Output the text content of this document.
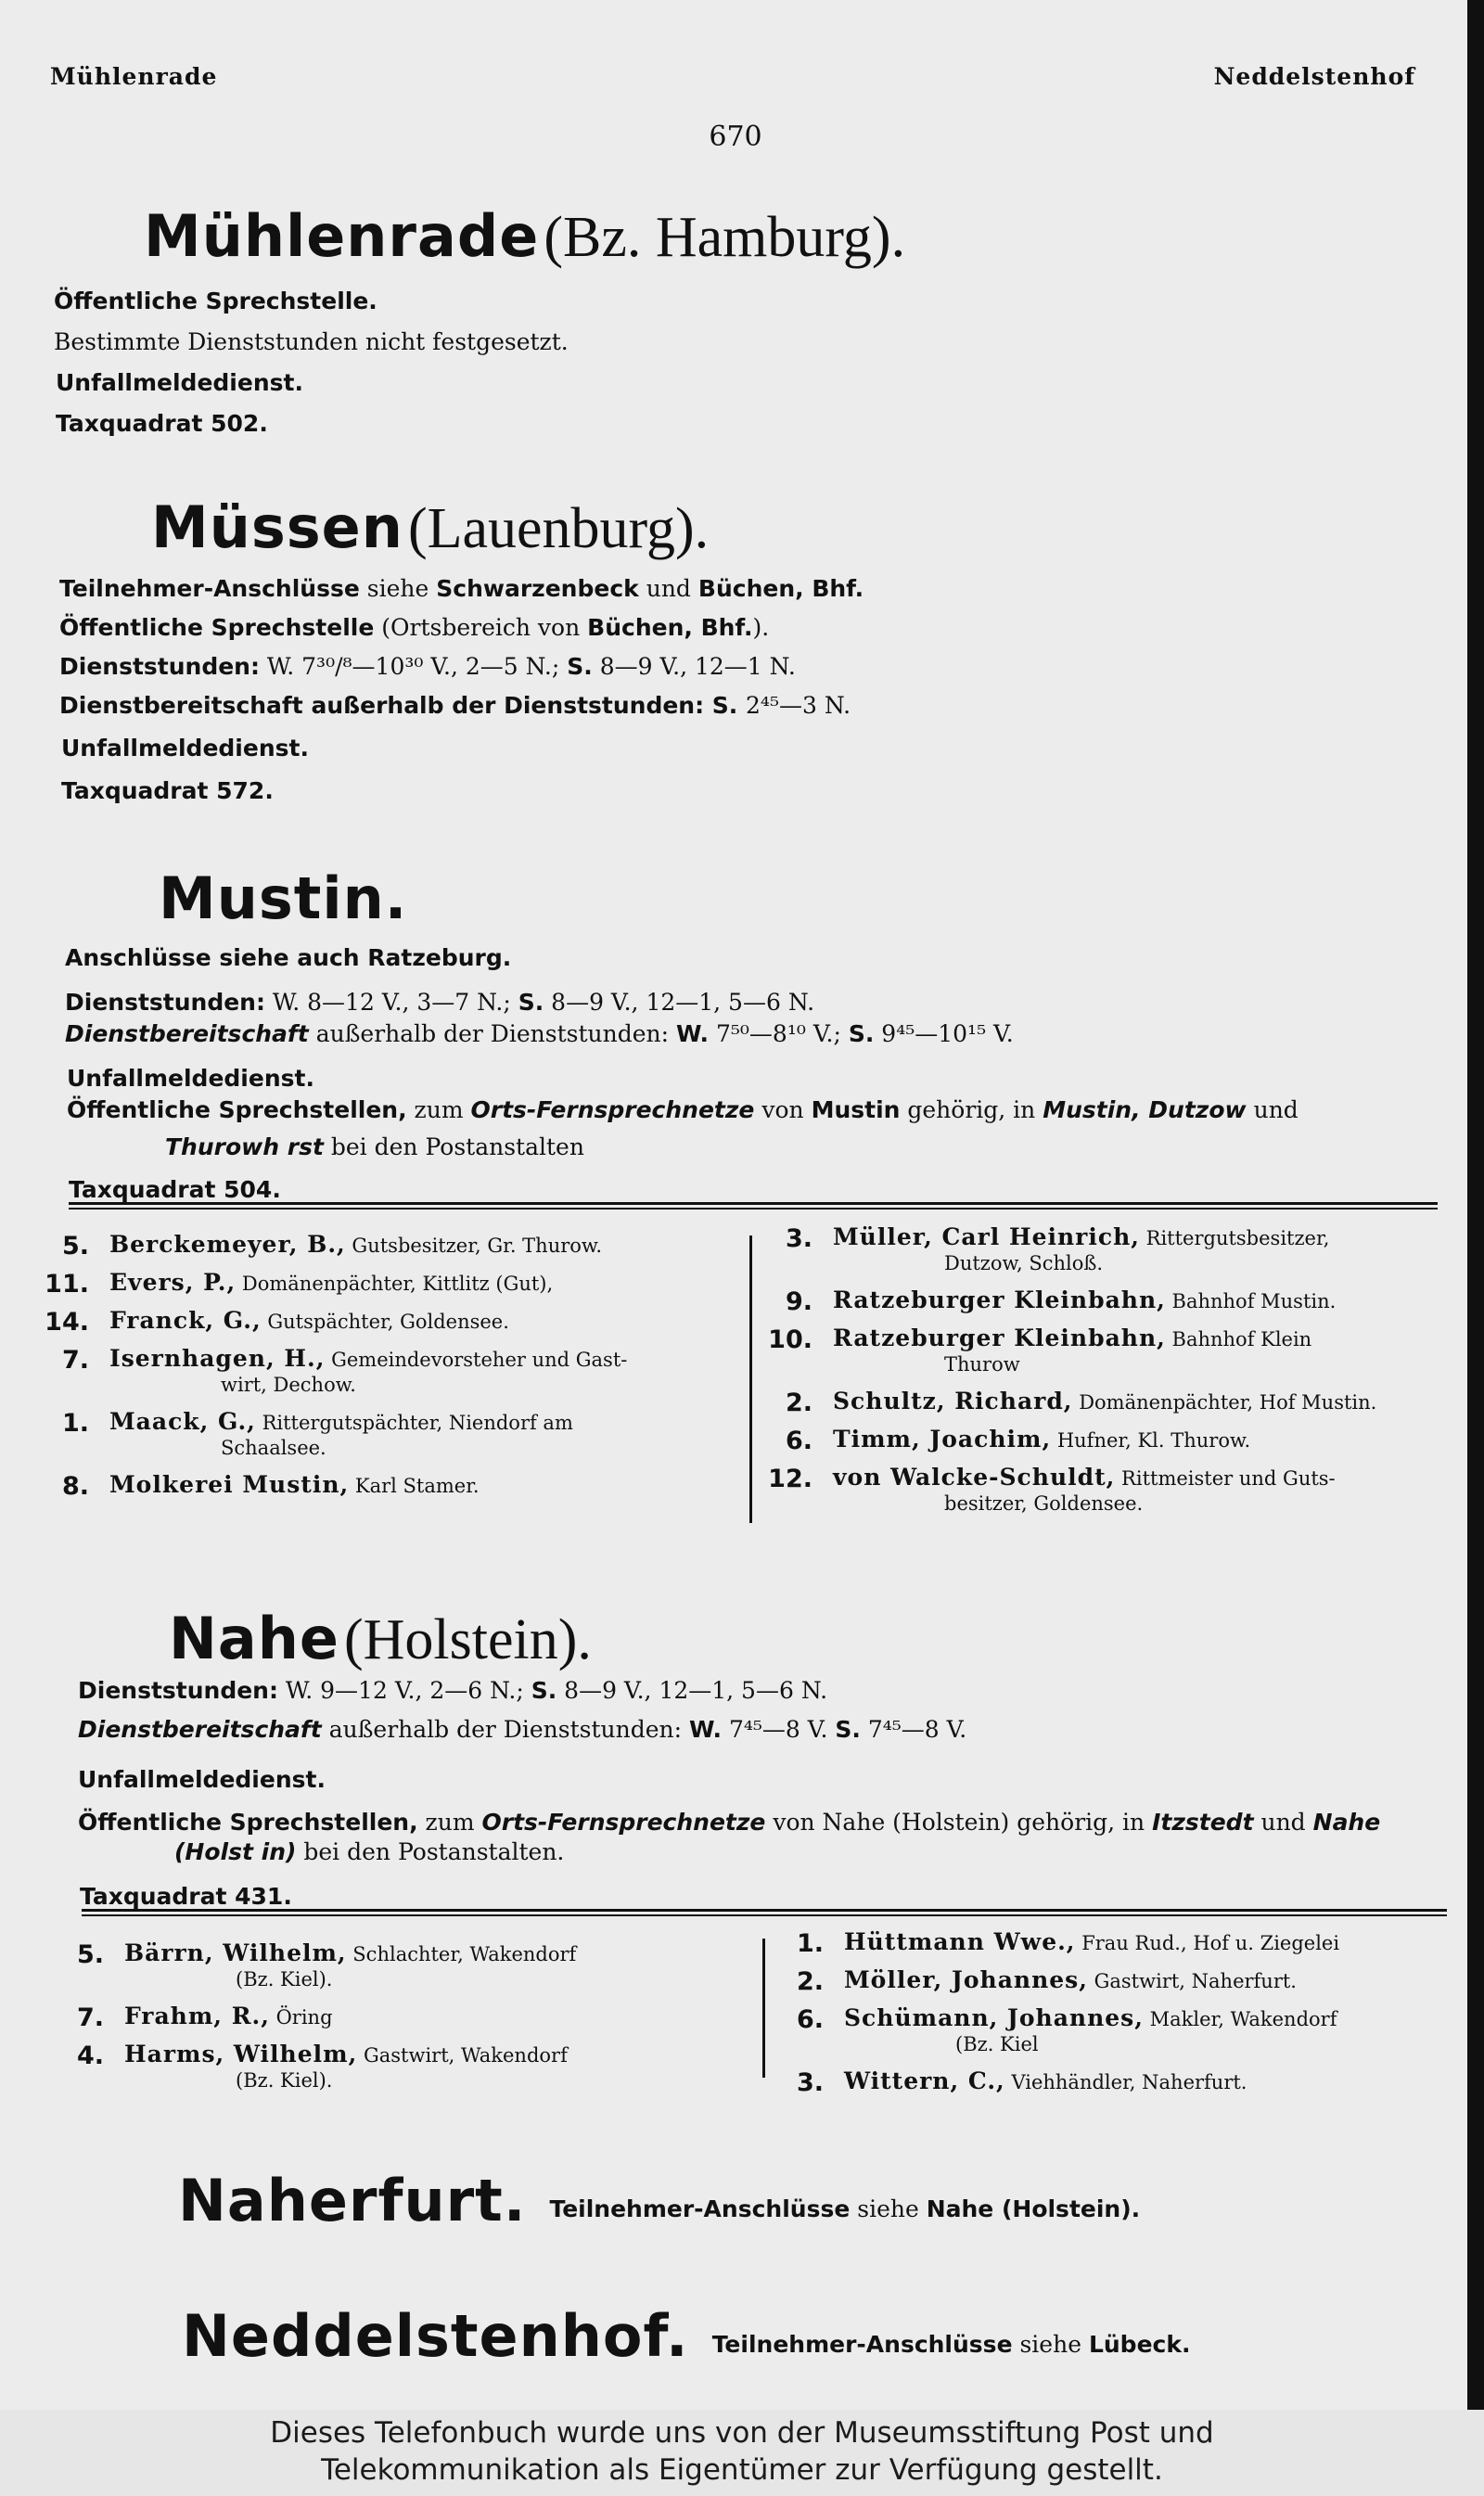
Mühlenrade	Neddelstenhof
670
Mühlenrade (Bz. Hamburg).
Öffentliche Sprechstelle.
Bestimmte Dienststunden nicht festgesetzt.
Unfallmeldedienst.
Taxquadrat 502.
Müssen (Lauenburg).
Teilnehmer-Anschlüsse siehe Schwarzenbeck und Büchen, Bhf.
Öffentliche Sprechstelle (Ortsbereich von Büchen, Bhf.).
Dienststunden: W. 7³⁰/⁸—10³⁰ V., 2—5 N.; S. 8—9 V., 12—1 N.
Dienstbereitschaft außerhalb der Dienststunden: S. 2⁴⁵—3 N.
Unfallmeldedienst.
Taxquadrat 572.
Mustin.
Anschlüsse siehe auch Ratzeburg.
Dienststunden: W. 8—12 V., 3—7 N.; S. 8—9 V., 12—1, 5—6 N.
Dienstbereitschaft außerhalb der Dienststunden: W. 7⁵⁰—8¹⁰ V.; S. 9⁴⁵—10¹⁵ V.
Unfallmeldedienst.
Öffentliche Sprechstellen, zum Orts-Fernsprechnetze von Mustin gehörig, in Mustin, Dutzow und
Thurowh rst bei den Postanstalten
Taxquadrat 504.
5. Berckemeyer, B., Gutsbesitzer, Gr. Thurow.
11. Evers, P., Domänenpächter, Kittlitz (Gut),
14. Franck, G., Gutspächter, Goldensee.
7. Isernhagen, H., Gemeindevorsteher und Gast-
wirt, Dechow.
1. Maack, G., Rittergutspächter, Niendorf am
Schaalsee.
8. Molkerei Mustin, Karl Stamer.
3. Müller, Carl Heinrich, Rittergutsbesitzer,
Dutzow, Schloß.
9. Ratzeburger Kleinbahn, Bahnhof Mustin.
10. Ratzeburger Kleinbahn, Bahnhof Klein
Thurow
2. Schultz, Richard, Domänenpächter, Hof Mustin.
6. Timm, Joachim, Hufner, Kl. Thurow.
12. von Walcke-Schuldt, Rittmeister und Guts-
besitzer, Goldensee.
Nahe (Holstein).
Dienststunden: W. 9—12 V., 2—6 N.; S. 8—9 V., 12—1, 5—6 N.
Dienstbereitschaft außerhalb der Dienststunden: W. 7⁴⁵—8 V. S. 7⁴⁵—8 V.
Unfallmeldedienst.
Öffentliche Sprechstellen, zum Orts-Fernsprechnetze von Nahe (Holstein) gehörig, in Itzstedt und Nahe
(Holst in) bei den Postanstalten.
Taxquadrat 431.
5. Bärrn, Wilhelm, Schlachter, Wakendorf
(Bz. Kiel).
7. Frahm, R., Öring
4. Harms, Wilhelm, Gastwirt, Wakendorf
(Bz. Kiel).
1. Hüttmann Wwe., Frau Rud., Hof u. Ziegelei
2. Möller, Johannes, Gastwirt, Naherfurt.
6. Schümann, Johannes, Makler, Wakendorf
(Bz. Kiel
3. Wittern, C., Viehhändler, Naherfurt.
Naherfurt. Teilnehmer-Anschlüsse siehe Nahe (Holstein).
Neddelstenhof. Teilnehmer-Anschlüsse siehe Lübeck.
Dieses Telefonbuch wurde uns von der Museumsstiftung Post und
Telekommunikation als Eigentümer zur Verfügung gestellt.
